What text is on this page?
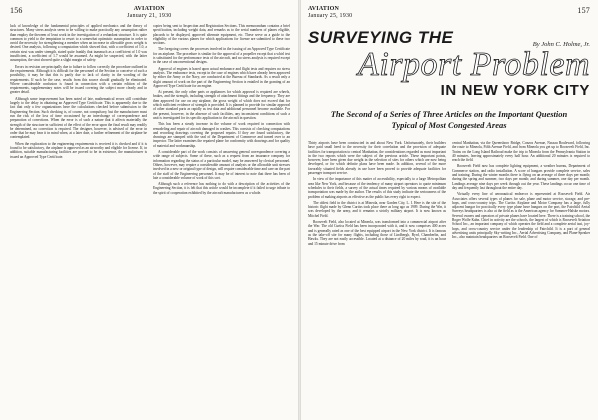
156	AVIATION
January 21, 1930

lack of knowledge of the fundamental principles of applied mechanics and the theory of structures. Many stress analysts seem to be willing to make practically any assumption rather than employ the theorem of least work in the investigation of a redundant structure. It is quite common to yield to the temptation to resort to a somewhat optimistic assumption in order to avoid the necessity for strengthening a member when an increase in allowable gross weight is desired. One analysis, following a computation which showed that, with a coefficient of 1.0, a certain strut was under strength, stated quite frankly that inasmuch as a coefficient of 1.0 was insufficient, a coefficient of 1.7 would be assumed. As might be suspected, with the latter assumption, the strut showed quite a slight margin of safety.

Errors in revision are principally due to failure to follow correctly the procedure outlined in the requirements. Although it is difficult for the personnel of the Section to conceive of such a possibility, it may be that this is partly due to lack of clarity in the wording of the requirements. If such be the case, results from this source should gradually be eliminated. Where considerable confusion is found in connection with a certain edition of the requirements, supplementary notes will be issued covering the subject more clearly and in greater detail.

Although some improvement has been noted of late, mathematical errors still contribute largely to the delay in obtaining an Approved Type Certificate. This is apparently due to the fact that only a few organizations have the calculations checked before submission to the Engineering Section. Such checking is, of course, not compulsory, but the manufacturer must run the risk of the loss of time occasioned by an interchange of correspondence and preparation of corrections. When the error is of such a nature that it affects materially the strength of the structure in sufficient of the effect of the error upon the final result may readily be determined, no correction is required. The designer, however, is advised of the error in order that he may bear it in mind when, at a later date, a further refinement of the airplane be contemplated.

When the exploration to the engineering requirements is received it is checked and if it is found to be satisfactory, the airplane is approved as an airworthy and eligible for license. If, in addition, suitable manufacturing facilities are proved to be in existence, the manufacturer is issued an Approved Type Certificate.

copies being sent to Inspection and Registration Sections. This memorandum contains a brief specification, including weight data, and remarks as to the serial numbers of planes eligible, placards to be displayed, approved alternate equipment, etc. These serve as a guide to the eligibility of the various planes for which applications for license are submitted to these two sections.

The foregoing covers the processes involved in the issuing of an Approved Type Certificate for an airplane. The procedure is similar for the approval of a propeller except that a whirl test is substituted for the performance tests of the aircraft, and no stress analysis is required except in the case of unconventional designs.

Approval of engines is based upon actual endurance and flight tests and requires no stress analysis. The endurance tests, except in the case of engines which have already been approved by either the Army or the Navy, are conducted at the Bureau of Standards. As a result only a slight amount of work on the part of the Engineering Section is entailed in the granting of an Approved Type Certificate for an engine.

At present, the only other parts or appliances for which approval is required are wheels, brakes, and the strength, including strength of attachment fittings and the frequency. They are then approved for use on any airplane, the gross weight of which does not exceed that for which sufficient evidence of strength is provided. It is planned to provide for similar approval of other standard parts as rapidly as test data and additional personnel become available. For the present, however, in the absence of such facilities, any inconsistent conditions of such a unit is investigated for its specific application to the aircraft in question.

This has been a steady increase in the volume of work required in connection with remodeling and repair of aircraft damaged in crashes. This consists of checking computations and recording drawings covering the proposed repairs. If they are found satisfactory, the drawings are stamped with the seal of the Department of Commerce and turned over to an inspector. The latter examines the repaired plane for conformity with drawings and for quality of material and workmanship.

A considerable part of the work consists of answering general correspondence covering a wide range of subjects. Some of these, such as a request from an insurance company for information regarding the status of a particular model, may be answered by clerical personnel. Others, however, may require a considerable amount of analysis or the allowable unit stresses involved in a new or original type of design, will require considerable time and care on the part of the staff of the Engineering personnel. It may be of interest to note that there has been of late a considerable volume of work of this sort.

Although such a reference has nothing to do with a description of the activities of the Engineering Section, it is felt that this article would be incomplete if it failed to urge tribute to the spirit of cooperation exhibited by the aircraft manufacturers as a whole.

AVIATION
January 25, 1930
157
SURVEYING THE	By John C. Holme, Jr.
Airport Problem
IN NEW YORK CITY
The Second of a Series of Three Articles on the Important Question Typical of Most Congested Areas

Thirty airports have been constructed in and about New York. Unfortunately, their builders have paid small heed to the necessity for their correlation and the provision of adequate facilities for transportation to central Manhattan, the considerations regarded as most important in the two reports which were the subject of the previous article. These important points, however, have been given due weight in the selection of sites for others which are now being developed, or for which definite plans have been made. In addition, several of the more favorably situated fields already in use have been proved to provide adequate facilities for passenger transport service.

In view of the importance of this matter of accessibility, especially to a large Metropolitan area like New York, and because of the tendency of many airport operators to quote minimum schedules to their fields, a survey of the actual times required by various means of available transportation was made by the author. The results of this study indicate the seriousness of the problem of making airports as effective as the public has every right to expect.

The oldest field in the district is at Mineola, near Garden City, L. I. Here is the site of the historic flight made by Glenn Curtiss took place there as long ago as 1909. During the War, it was developed by the army, and it remains a strictly military airport. It is now known as Mitchel Field.

Roosevelt Field, also located at Mineola, was transformed into a commercial airport after the War. The old Curtiss Field has been incorporated with it, and it now comprises 400 acres and is generally rated as one of the best equipped airport in the New York district. It is famous as the take-off site for many flights, including those of Lindbergh, Byrd, Chamberlin, and Hawks. They are not easily accessible. Located at a distance of 20 miles by road, it is an hour and 15 minute drive from

central Manhattan, via the Queensboro Bridge, Conzos Avenue, Nassau Boulevard, following the route to Mineola, Fifth Avenue Field, and from Mineola you get up to Roosevelt Field, Inc. Trains on the Long Island Railroad make the trip to Mineola from the Pennsylvania Station in 40 minutes, leaving approximately every half hour. An additional 20 minutes is required to reach the field.

Roosevelt Field now has complete lighting equipment, a weather bureau, Department of Commerce station, and radio installation. A score of hangars provide complete service, sales and training. During the winter months there is flying on an average of three days per month; during the spring and summer, two days per month; and during summer, one day per month. Landings average nine days per week through out the year. These landings occur one time of day and frequently last throughout the entire day.

Virtually every line of aeronautical endeavor is represented at Roosevelt Field. Air Associates offers several types of planes for sale, plane and motor service, storage, and pre-hops, and cross-country trips. The Curtiss Airplane and Motor Company has a large, fully adjacent hangar for practically every type plane have hangars on the port, the Fairchild Aerial Surveys headquarters is also at the field as is the American agency for Sommer-Halske motors. Several owners and operators of private planes have located here. There is a training school, the Roger Wolfe Kahn. Chief in activity are the schools, the largest of which is Roosevelt Aviation School Inc., an important company of which operates the field and a complete aerial taxi, joy-hops, and cross-country service under the leadership of Fairchild. It is a part of general advertising units principally Sky-writing Inc., Aerial Advertising Company, and Plane-Speaker Inc., also maintain headquarters on Roosevelt Field. One of
